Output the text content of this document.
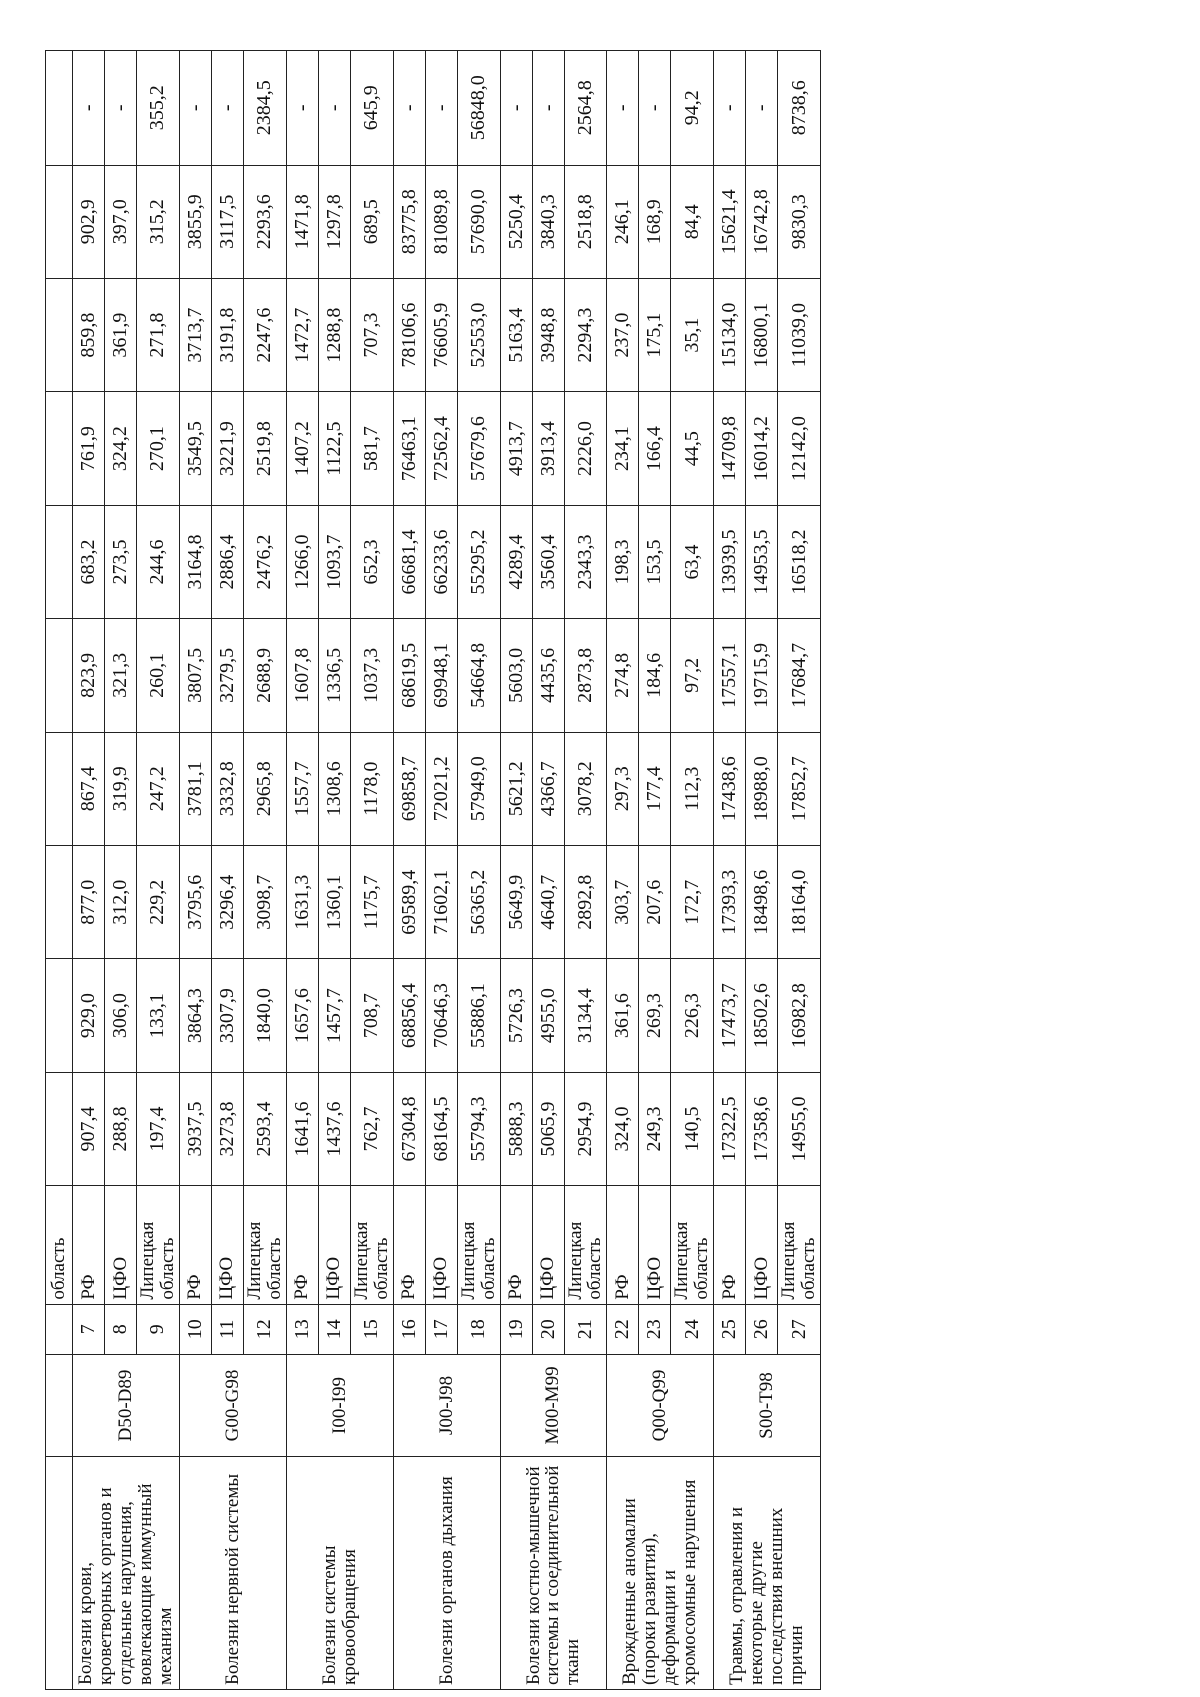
			область										
Болезни крови, кроветворных органов и отдельные нарушения, вовлекающие иммунный механизм	D50-D89	7	РФ	907,4	929,0	877,0	867,4	823,9	683,2	761,9	859,8	902,9	-
		8	ЦФО	288,8	306,0	312,0	319,9	321,3	273,5	324,2	361,9	397,0	-
		9	Липецкая область	197,4	133,1	229,2	247,2	260,1	244,6	270,1	271,8	315,2	355,2
Болезни нервной системы	G00-G98	10	РФ	3937,5	3864,3	3795,6	3781,1	3807,5	3164,8	3549,5	3713,7	3855,9	-
		11	ЦФО	3273,8	3307,9	3296,4	3332,8	3279,5	2886,4	3221,9	3191,8	3117,5	-
		12	Липецкая область	2593,4	1840,0	3098,7	2965,8	2688,9	2476,2	2519,8	2247,6	2293,6	2384,5
Болезни системы кровообращения	I00-I99	13	РФ	1641,6	1657,6	1631,3	1557,7	1607,8	1266,0	1407,2	1472,7	1471,8	-
		14	ЦФО	1437,6	1457,7	1360,1	1308,6	1336,5	1093,7	1122,5	1288,8	1297,8	-
		15	Липецкая область	762,7	708,7	1175,7	1178,0	1037,3	652,3	581,7	707,3	689,5	645,9
Болезни органов дыхания	J00-J98	16	РФ	67304,8	68856,4	69589,4	69858,7	68619,5	66681,4	76463,1	78106,6	83775,8	-
		17	ЦФО	68164,5	70646,3	71602,1	72021,2	69948,1	66233,6	72562,4	76605,9	81089,8	-
		18	Липецкая область	55794,3	55886,1	56365,2	57949,0	54664,8	55295,2	57679,6	52553,0	57690,0	56848,0
Болезни костно-мышечной системы и соединительной ткани	M00-M99	19	РФ	5888,3	5726,3	5649,9	5621,2	5603,0	4289,4	4913,7	5163,4	5250,4	-
		20	ЦФО	5065,9	4955,0	4640,7	4366,7	4435,6	3560,4	3913,4	3948,8	3840,3	-
		21	Липецкая область	2954,9	3134,4	2892,8	3078,2	2873,8	2343,3	2226,0	2294,3	2518,8	2564,8
Врожденные аномалии (пороки развития), деформации и хромосомные нарушения	Q00-Q99	22	РФ	324,0	361,6	303,7	297,3	274,8	198,3	234,1	237,0	246,1	-
		23	ЦФО	249,3	269,3	207,6	177,4	184,6	153,5	166,4	175,1	168,9	-
		24	Липецкая область	140,5	226,3	172,7	112,3	97,2	63,4	44,5	35,1	84,4	94,2
Травмы, отравления и некоторые другие последствия внешних причин	S00-T98	25	РФ	17322,5	17473,7	17393,3	17438,6	17557,1	13939,5	14709,8	15134,0	15621,4	-
		26	ЦФО	17358,6	18502,6	18498,6	18988,0	19715,9	14953,5	16014,2	16800,1	16742,8	-
		27	Липецкая область	14955,0	16982,8	18164,0	17852,7	17684,7	16518,2	12142,0	11039,0	9830,3	8738,6
